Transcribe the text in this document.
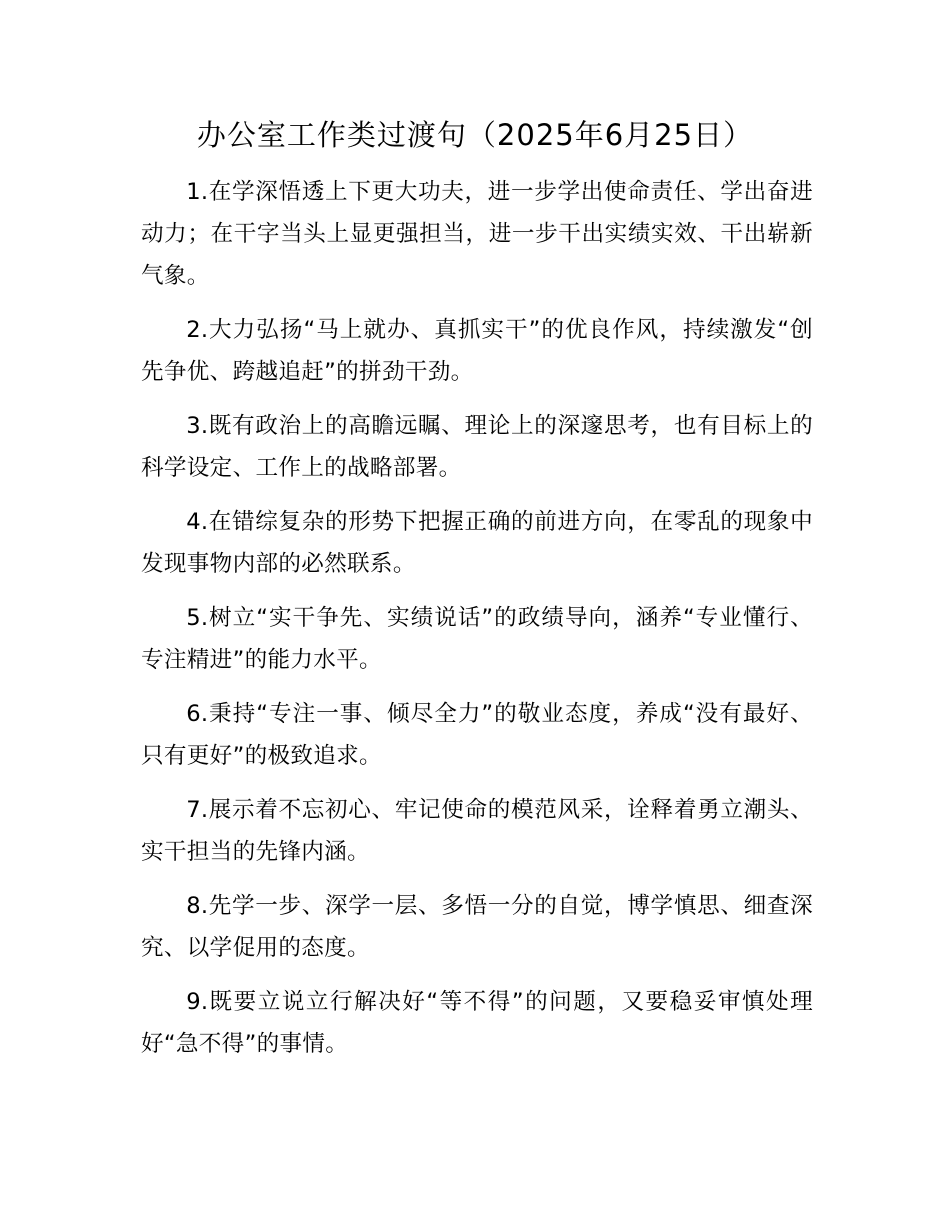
办公室工作类过渡句（2025年6月25日）

1.在学深悟透上下更大功夫，进一步学出使命责任、学出奋进动力；在干字当头上显更强担当，进一步干出实绩实效、干出崭新气象。

2.大力弘扬“马上就办、真抓实干”的优良作风，持续激发“创先争优、跨越追赶”的拼劲干劲。

3.既有政治上的高瞻远瞩、理论上的深邃思考，也有目标上的科学设定、工作上的战略部署。

4.在错综复杂的形势下把握正确的前进方向，在零乱的现象中发现事物内部的必然联系。

5.树立“实干争先、实绩说话”的政绩导向，涵养“专业懂行、专注精进”的能力水平。

6.秉持“专注一事、倾尽全力”的敬业态度，养成“没有最好、只有更好”的极致追求。

7.展示着不忘初心、牢记使命的模范风采，诠释着勇立潮头、实干担当的先锋内涵。

8.先学一步、深学一层、多悟一分的自觉，博学慎思、细查深究、以学促用的态度。

9.既要立说立行解决好“等不得”的问题，又要稳妥审慎处理好“急不得”的事情。
